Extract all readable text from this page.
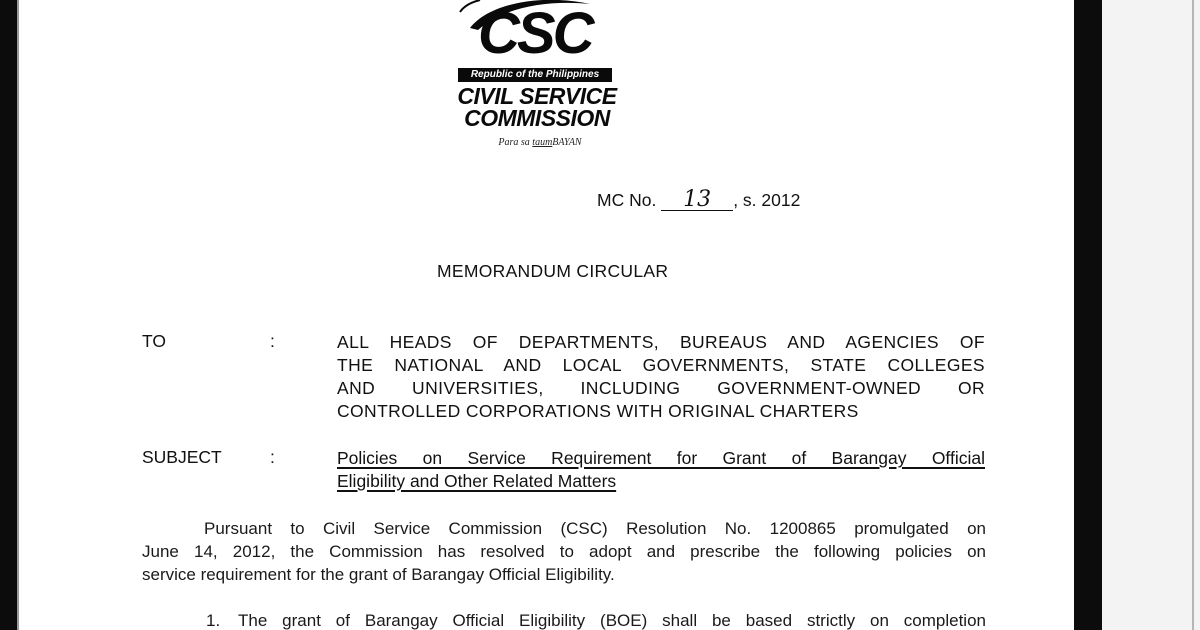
CSC
Republic of the Philippines
CIVIL SERVICE
COMMISSION
Para sa taumBAYAN
MC No. 13 , s. 2012
MEMORANDUM CIRCULAR
TO	:	ALL HEADS OF DEPARTMENTS, BUREAUS AND AGENCIES OF
THE NATIONAL AND LOCAL GOVERNMENTS, STATE COLLEGES
AND UNIVERSITIES, INCLUDING GOVERNMENT-OWNED OR
CONTROLLED CORPORATIONS WITH ORIGINAL CHARTERS
SUBJECT	:	Policies on Service Requirement for Grant of Barangay Official
Eligibility and Other Related Matters
Pursuant to Civil Service Commission (CSC) Resolution No. 1200865 promulgated on
June 14, 2012, the Commission has resolved to adopt and prescribe the following policies on
service requirement for the grant of Barangay Official Eligibility.
1. The grant of Barangay Official Eligibility (BOE) shall be based strictly on completion
